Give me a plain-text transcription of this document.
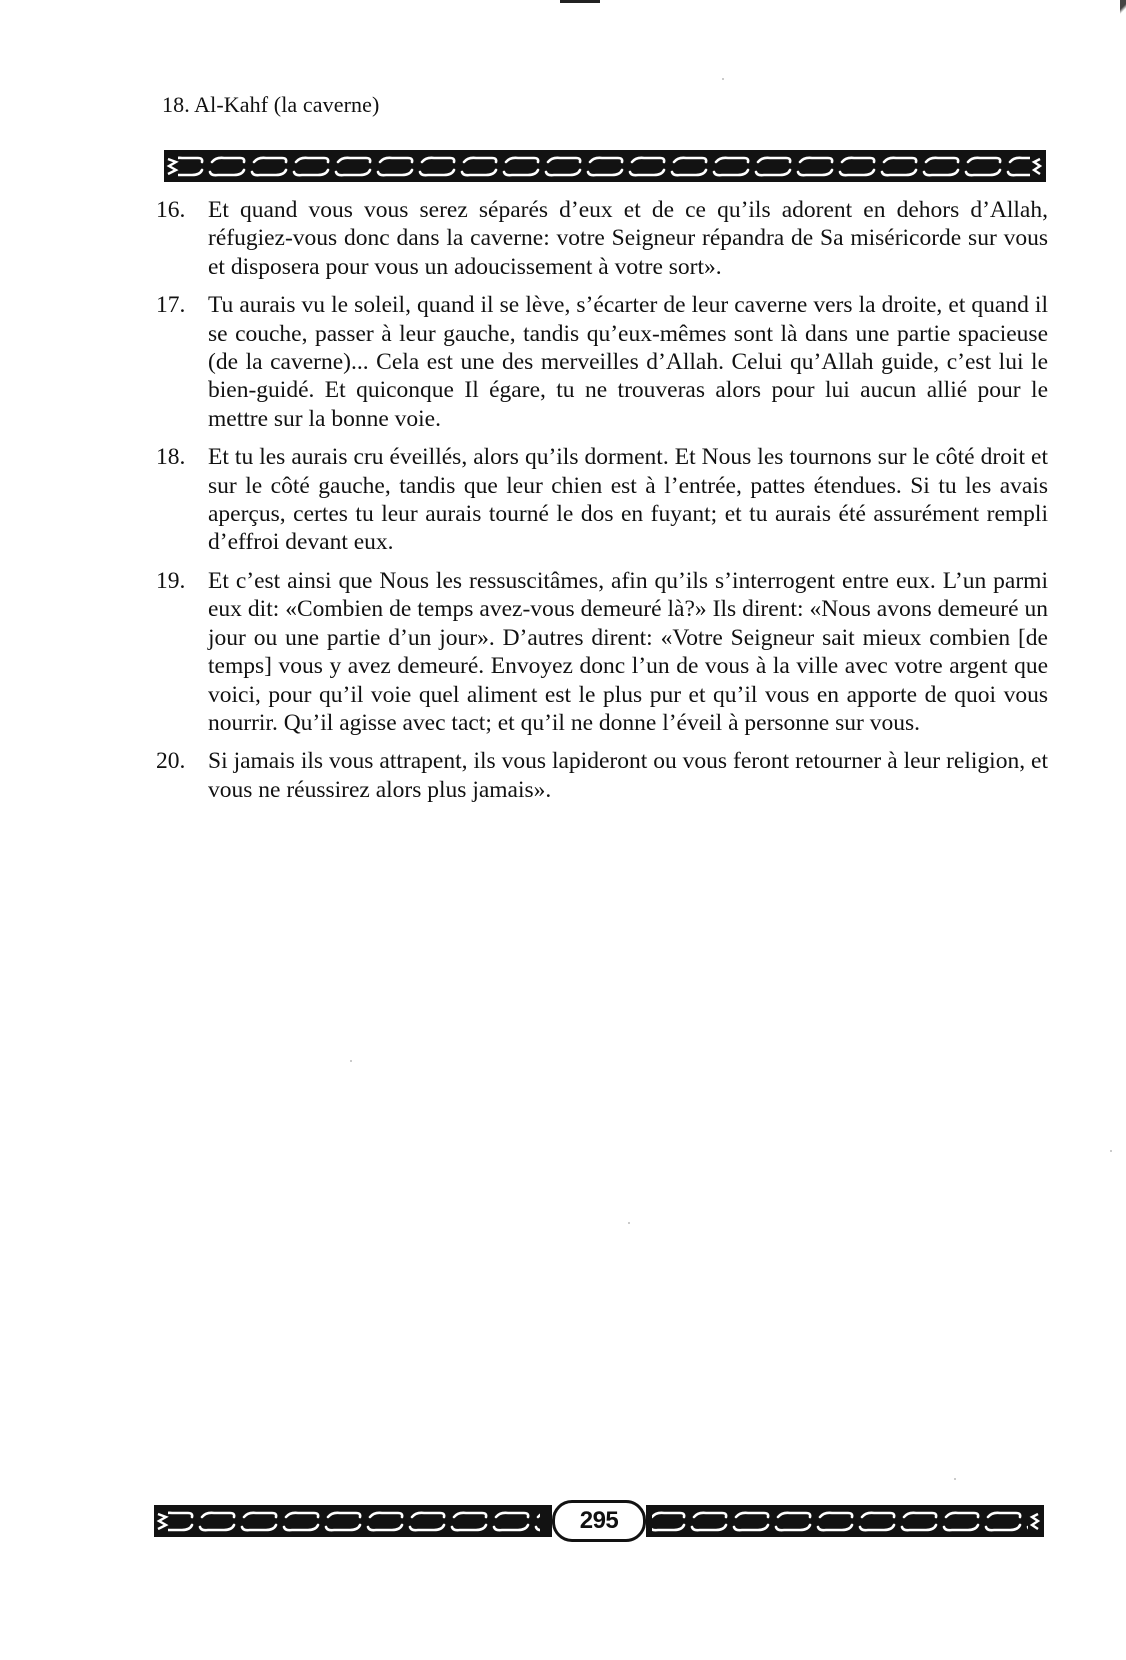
18. Al-Kahf (la caverne)
16. Et quand vous vous serez séparés d’eux et de ce qu’ils adorent en dehors d’Allah, réfugiez-vous donc dans la caverne: votre Seigneur répandra de Sa miséricorde sur vous et disposera pour vous un adoucissement à votre sort».
17. Tu aurais vu le soleil, quand il se lève, s’écarter de leur caverne vers la droite, et quand il se couche, passer à leur gauche, tandis qu’eux-mêmes sont là dans une partie spacieuse (de la caverne)... Cela est une des merveilles d’Allah. Celui qu’Allah guide, c’est lui le bien-guidé. Et quiconque Il égare, tu ne trouveras alors pour lui aucun allié pour le mettre sur la bonne voie.
18. Et tu les aurais cru éveillés, alors qu’ils dorment. Et Nous les tournons sur le côté droit et sur le côté gauche, tandis que leur chien est à l’entrée, pattes étendues. Si tu les avais aperçus, certes tu leur aurais tourné le dos en fuyant; et tu aurais été assurément rempli d’effroi devant eux.
19. Et c’est ainsi que Nous les ressuscitâmes, afin qu’ils s’interrogent entre eux. L’un parmi eux dit: «Combien de temps avez-vous demeuré là?» Ils dirent: «Nous avons demeuré un jour ou une partie d’un jour». D’autres dirent: «Votre Seigneur sait mieux combien [de temps] vous y avez demeuré. Envoyez donc l’un de vous à la ville avec votre argent que voici, pour qu’il voie quel aliment est le plus pur et qu’il vous en apporte de quoi vous nourrir. Qu’il agisse avec tact; et qu’il ne donne l’éveil à personne sur vous.
20. Si jamais ils vous attrapent, ils vous lapideront ou vous feront retourner à leur religion, et vous ne réussirez alors plus jamais».
295
